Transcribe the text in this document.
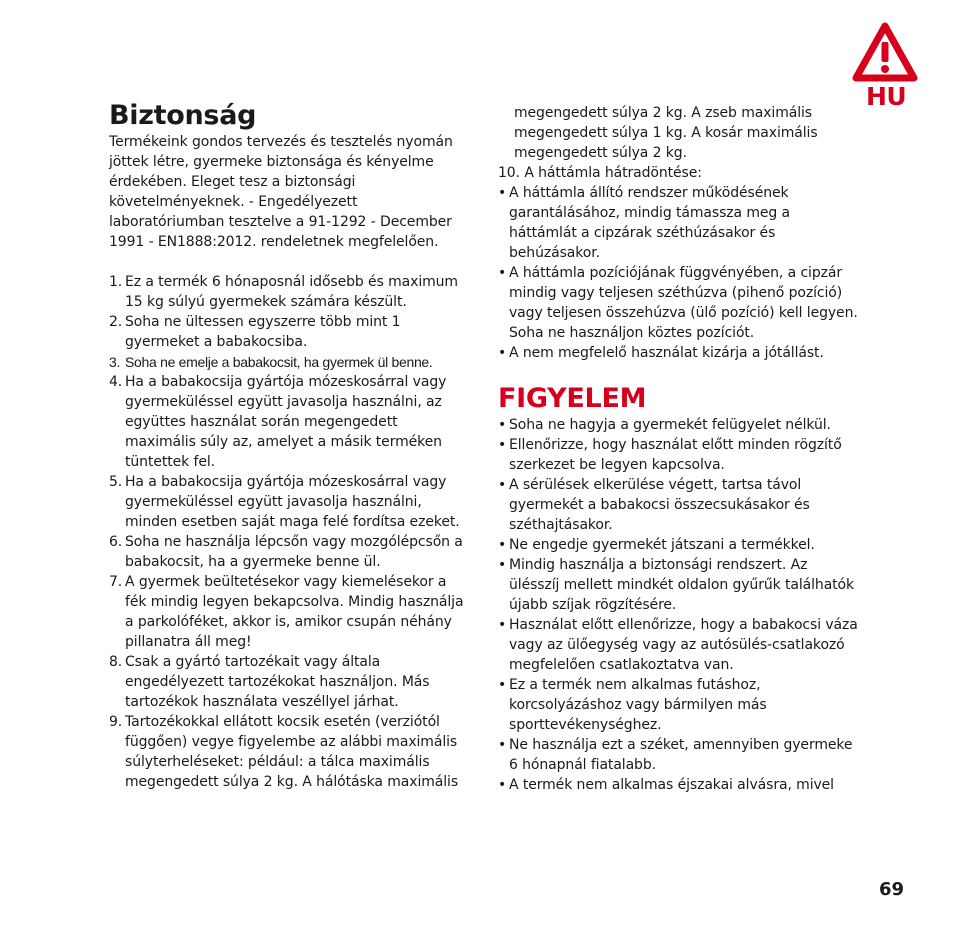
HU
Biztonság

Termékeink gondos tervezés és tesztelés nyomán jöttek létre, gyermeke biztonsága és kényelme érdekében. Eleget tesz a biztonsági követelményeknek. - Engedélyezett laboratóriumban tesztelve a 91-1292 - December 1991 - EN1888:2012. rendeletnek megfelelően.

1. Ez a termék 6 hónaposnál idősebb és maximum 15 kg súlyú gyermekek számára készült.
2. Soha ne ültessen egyszerre több mint 1 gyermeket a babakocsiba.
3. Soha ne emelje a babakocsit, ha gyermek ül benne.
4. Ha a babakocsija gyártója mózeskosárral vagy gyermeküléssel együtt javasolja használni, az együttes használat során megengedett maximális súly az, amelyet a másik terméken tüntettek fel.
5. Ha a babakocsija gyártója mózeskosárral vagy gyermeküléssel együtt javasolja használni, minden esetben saját maga felé fordítsa ezeket.
6. Soha ne használja lépcsőn vagy mozgólépcsőn a babakocsit, ha a gyermeke benne ül.
7. A gyermek beültetésekor vagy kiemelésekor a fék mindig legyen bekapcsolva. Mindig használja a parkolóféket, akkor is, amikor csupán néhány pillanatra áll meg!
8. Csak a gyártó tartozékait vagy általa engedélyezett tartozékokat használjon. Más tartozékok használata veszéllyel járhat.
9. Tartozékokkal ellátott kocsik esetén (verziótól függően) vegye figyelembe az alábbi maximális súlyterheléseket: például: a tálca maximális megengedett súlya 2 kg. A hálótáska maximális
megengedett súlya 2 kg. A zseb maximális megengedett súlya 1 kg. A kosár maximális megengedett súlya 2 kg.

10. A háttámla hátradöntése:

• A háttámla állító rendszer működésének garantálásához, mindig támassza meg a háttámlát a cipzárak széthúzásakor és behúzásakor.
• A háttámla pozíciójának függvényében, a cipzár mindig vagy teljesen széthúzva (pihenő pozíció) vagy teljesen összehúzva (ülő pozíció) kell legyen. Soha ne használjon köztes pozíciót.
• A nem megfelelő használat kizárja a jótállást.
FIGYELEM
• Soha ne hagyja a gyermekét felügyelet nélkül.
• Ellenőrizze, hogy használat előtt minden rögzítő szerkezet be legyen kapcsolva.
• A sérülések elkerülése végett, tartsa távol gyermekét a babakocsi összecsukásakor és széthajtásakor.
• Ne engedje gyermekét játszani a termékkel.
• Mindig használja a biztonsági rendszert. Az ülésszíj mellett mindkét oldalon gyűrűk találhatók újabb szíjak rögzítésére.
• Használat előtt ellenőrizze, hogy a babakocsi váza vagy az ülőegység vagy az autósülés-csatlakozó megfelelően csatlakoztatva van.
• Ez a termék nem alkalmas futáshoz, korcsolyázáshoz vagy bármilyen más sporttevékenységhez.
• Ne használja ezt a széket, amennyiben gyermeke 6 hónapnál fiatalabb.
• A termék nem alkalmas éjszakai alvásra, mivel
69
